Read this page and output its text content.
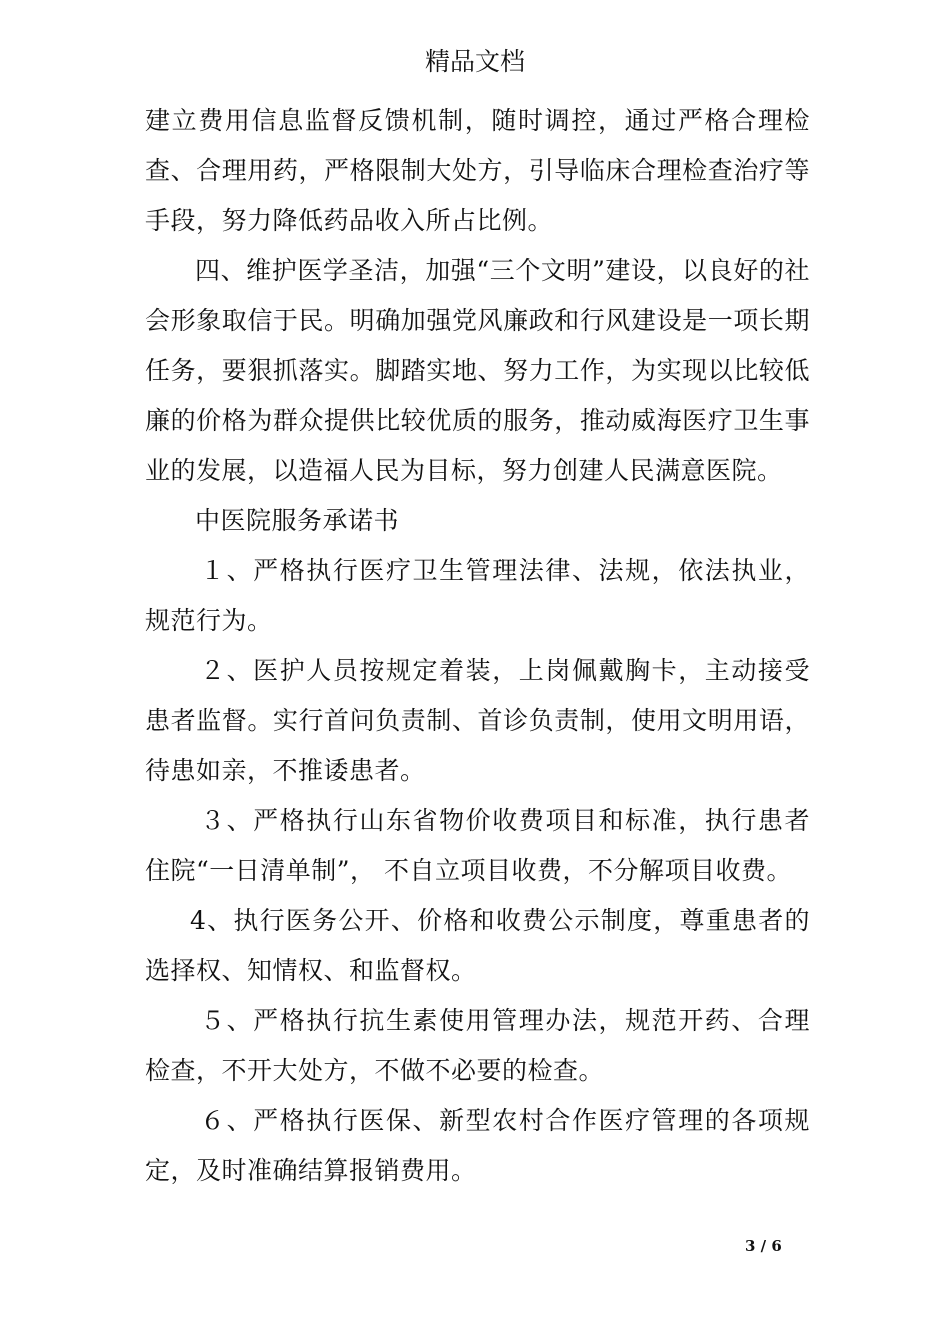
精品文档

建立费用信息监督反馈机制，随时调控，通过严格合理检查、合理用药，严格限制大处方，引导临床合理检查治疗等手段，努力降低药品收入所占比例。

四、维护医学圣洁，加强“三个文明”建设，以良好的社会形象取信于民。明确加强党风廉政和行风建设是一项长期任务，要狠抓落实。脚踏实地、努力工作，为实现以比较低廉的价格为群众提供比较优质的服务，推动威海医疗卫生事业的发展，以造福人民为目标，努力创建人民满意医院。

中医院服务承诺书

１、严格执行医疗卫生管理法律、法规，依法执业，规范行为。

２、医护人员按规定着装，上岗佩戴胸卡，主动接受患者监督。实行首问负责制、首诊负责制，使用文明用语，待患如亲，不推诿患者。

３、严格执行山东省物价收费项目和标准，执行患者住院“一日清单制”， 不自立项目收费，不分解项目收费。

4、执行医务公开、价格和收费公示制度，尊重患者的选择权、知情权、和监督权。

５、严格执行抗生素使用管理办法，规范开药、合理检查，不开大处方，不做不必要的检查。

６、严格执行医保、新型农村合作医疗管理的各项规定，及时准确结算报销费用。

3 / 6
